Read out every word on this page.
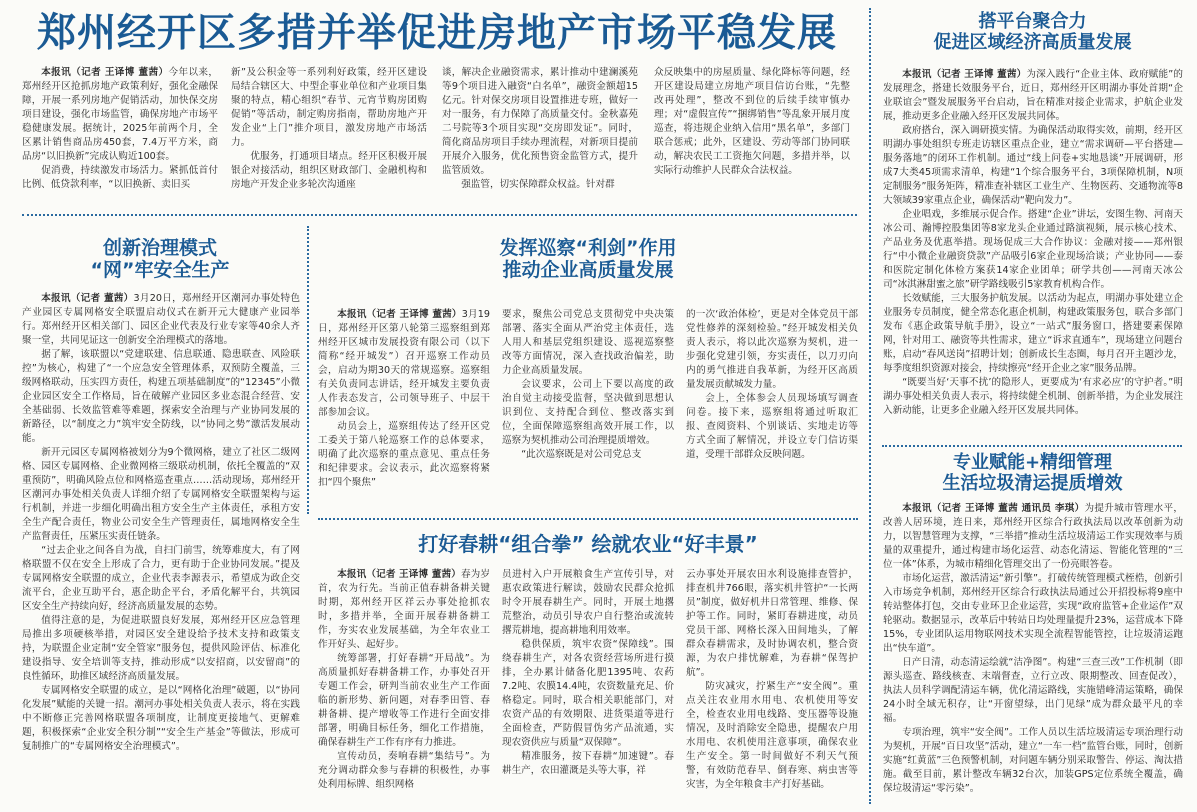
郑州经开区多措并举促进房地产市场平稳发展

本报讯（记者 王译博 董茜）今年以来，郑州经开区抢抓房地产政策利好，强化金融保障，开展一系列房地产促销活动，加快保交房项目建设，强化市场监管，确保房地产市场平稳健康发展。据统计，2025年前两个月，全区累计销售商品房450套，7.4万平方米，商品房“以旧换新”完成认购近100套。

促消费，持续激发市场活力。紧抓低首付比例、低贷款利率，“以旧换新、卖旧买

新”及公积金等一系列利好政策，经开区建设局结合辖区大、中型企事业单位和产业项目集聚的特点，精心组织“春节、元宵节购房团购促销”等活动，制定购房指南，帮助房地产开发企业“上门”推介项目，激发房地产市场活力。

优服务，打通项目堵点。经开区积极开展银企对接活动，组织区财政部门、金融机构和房地产开发企业多轮次沟通座

谈，解决企业融资需求，累计推动中建澜溪苑等9个项目进入融资“白名单”，融资金额超15亿元。针对保交房项目设置推进专班，做好一对一服务，有力保障了高质量交付。金秋嘉苑二号院等3个项目实现“交房即发证”。同时，简化商品房项目手续办理流程，对新项目提前开展介入服务，优化预售资金监管方式，提升监管质效。

强监管，切实保障群众权益。针对群

众反映集中的房屋质量、绿化降标等问题，经开区建设局建立房地产项目信访台账，“先整改再处理”，整改不到位的后续手续审慎办理；对“虚假宣传”“捆绑销售”等乱象开展月度巡查，将违规企业纳入信用“黑名单”，多部门联合惩戒；此外，区建设、劳动等部门协同联动，解决农民工工资拖欠问题，多措并举，以实际行动维护人民群众合法权益。

搭平台聚合力
促进区域经济高质量发展

本报讯（记者 王译博 董茜）为深入践行“企业主体、政府赋能”的发展理念，搭建长效服务平台，近日，郑州经开区明湖办事处首期“企业联谊会”暨发展服务平台启动，旨在精准对接企业需求，护航企业发展，推动更多企业融入经开区发展共同体。

政府搭台，深入调研摸实情。为确保活动取得实效，前期，经开区明湖办事处组织专班走访辖区重点企业，建立“需求调研—平台搭建—服务落地”的闭环工作机制。通过“线上问卷+实地恳谈”开展调研，形成7大类45项需求清单，构建“1个综合服务平台，3项保障机制，N项定制服务”服务矩阵，精准查补辖区工业生产、生物医药、交通物流等8大领域39家重点企业，确保活动“靶向发力”。

企业唱戏，多维展示促合作。搭建“企业”讲坛，安图生物、河南天冰公司、瀚博控股集团等8家龙头企业通过路演视频，展示核心技术、产品业务及优惠举措。现场促成三大合作协议：金融对接——郑州银行“中小微企业融资贷款”产品吸引6家企业现场洽谈；产业协同——泰和医院定制化体检方案获14家企业团单；研学共创——河南天冰公司“冰淇淋甜蜜之旅”研学路线吸引5家教育机构合作。

长效赋能，三大服务护航发展。以活动为起点，明湖办事处建立企业服务专员制度，健全常态化惠企机制，构建政策服务包，联合多部门发布《惠企政策导航手册》，设立“一站式”服务窗口，搭建要素保障网，针对用工、融资等共性需求，建立“诉求直通车”，现场建立问题台账，启动“春风送岗”招聘计划；创新成长生态圈，每月召开主题沙龙，每季度组织资源对接会，持续擦亮“经开企业之家”服务品牌。

“既要当好‘天事不扰’的隐形人，更要成为‘有求必应’的守护者。”明湖办事处相关负责人表示，将持续健全机制、创新举措，为企业发展注入新动能，让更多企业融入经开区发展共同体。

创新治理模式
“网”牢安全生产

本报讯（记者 董茜）3月20日，郑州经开区潮河办事处特色产业园区专属网格安全联盟启动仪式在新开元大健康产业园举行。郑州经开区相关部门、园区企业代表及行业专家等40余人齐聚一堂，共同见证这一创新安全治理模式的落地。

据了解，该联盟以“党建联建、信息联通、隐患联查、风险联控”为核心，构建了“一个应急安全管理体系，双预防全覆盖，三级网格联动，压实四方责任，构建五项基础制度”的“12345”小微企业园区安全工作格局，旨在破解产业园区多业态混合经营、安全基础弱、长效监管难等难题，探索安全治理与产业协同发展的新路径，以“制度之力”筑牢安全防线，以“协同之势”激活发展动能。

新开元园区专属网格被划分为9个微网格，建立了社区二级网格、园区专属网格、企业微网格三级联动机制，依托全覆盖的“双重预防”，明确风险点位和网格巡查重点……活动现场，郑州经开区潮河办事处相关负责人详细介绍了专属网格安全联盟架构与运行机制，并进一步细化明确出租方安全生产主体责任，承租方安全生产配合责任，物业公司安全生产管理责任，属地网格安全生产监督责任，压紧压实责任链条。

“过去企业之间各自为战，自扫门前雪，统筹难度大，有了网格联盟不仅在安全上形成了合力，更有助于企业协同发展。”提及专属网格安全联盟的成立，企业代表李源表示，希望成为政企交流平台，企业互助平台，惠企助企平台，矛盾化解平台，共筑园区安全生产持续向好，经济高质量发展的态势。

值得注意的是，为促进联盟良好发展，郑州经开区应急管理局推出多项硬核举措，对园区安全建设给予技术支持和政策支持，为联盟企业定制“安全管家”服务包，提供风险评估、标准化建设指导、安全培训等支持，推动形成“以安招商，以安留商”的良性循环，助推区域经济高质量发展。

专属网格安全联盟的成立，是以“网格化治理”破题，以“协同化发展”赋能的关键一招。潮河办事处相关负责人表示，将在实践中不断修正完善网格联盟各项制度，让制度更接地气、更解难题，积极探索“企业安全积分制”“安全生产基金”等做法，形成可复制推广的“专属网格安全治理模式”。

发挥巡察“利剑”作用
推动企业高质量发展

本报讯（记者 王译博 董茜）3月19日，郑州经开区第八轮第三巡察组到郑州经开区城市发展投资有限公司（以下简称“经开城发”）召开巡察工作动员会，启动为期30天的常规巡察。巡察组有关负责同志讲话，经开城发主要负责人作表态发言，公司领导班子、中层干部参加会议。

动员会上，巡察组传达了经开区党工委关于第八轮巡察工作的总体要求，明确了此次巡察的重点意见、重点任务和纪律要求。会议表示，此次巡察将紧扣“四个聚焦”

要求，聚焦公司党总支贯彻党中央决策部署、落实全面从严治党主体责任，选人用人和基层党组织建设、巡视巡察整改等方面情况，深入查找政治偏差，助力企业高质量发展。

会议要求，公司上下要以高度的政治自觉主动接受监督，坚决做到思想认识到位、支持配合到位、整改落实到位，全面保障巡察组高效开展工作，以巡察为契机推动公司治理提质增效。

“此次巡察既是对公司党总支

的一次‘政治体检’，更是对全体党员干部党性修养的深刻检验。”经开城发相关负责人表示，将以此次巡察为契机，进一步强化党建引领，夯实责任，以刀刃向内的勇气推进自我革新，为经开区高质量发展贡献城发力量。

会上，全体参会人员现场填写调查问卷。接下来，巡察组将通过听取汇报、查阅资料、个别谈话、实地走访等方式全面了解情况，并设立专门信访渠道，受理干部群众反映问题。

打好春耕“组合拳” 绘就农业“好丰景”

本报讯（记者 王译博 董茜）春为岁首，农为行先。当前正值春耕备耕关键时期，郑州经开区祥云办事处抢抓农时，多措并举，全面开展春耕备耕工作，夯实农业发展基础，为全年农业工作开好头、起好步。

统筹部署，打好春耕“开局战”。为高质量抓好春耕备耕工作，办事处召开专题工作会，研判当前农业生产工作面临的新形势、新问题，对春季田管、春耕备耕、提产增收等工作进行全面安排部署，明确目标任务，细化工作措施，确保春耕生产工作有序有力推进。

宣传动员，奏响春耕“集结号”。为充分调动群众参与春耕的积极性，办事处利用标牌、组织网格

员进村入户开展粮食生产宣传引导，对惠农政策进行解读，鼓励农民群众抢抓时令开展春耕生产。同时，开展土地撂荒整治，动员引导农户自行整治或流转撂荒耕地，提高耕地利用效率。

稳供保质，筑牢农资“保障线”。围绕春耕生产，对各农资经营场所进行摸排，全办累计储备化肥1395吨、农药7.2吨、农膜14.4吨，农资数量充足、价格稳定。同时，联合相关职能部门，对农资产品的有效期限、进货渠道等进行全面检查，严防假冒伪劣产品流通，实现农资供应与质量“双保障”。

精准服务，按下春耕“加速键”。春耕生产，农田灌溉是头等大事，祥

云办事处开展农田水利设施排查管护，排查机井766眼，落实机井管护“一长两员”制度，做好机井日常管理、维修、保护等工作。同时，紧盯春耕进度，动员党员干部、网格长深入田间地头，了解群众春耕需求，及时协调农机，整合资源，为农户排忧解难，为春耕“保驾护航”。

防灾减灾，拧紧生产“安全阀”。重点关注农业用水用电、农机使用等安全，检查农业用电线路、变压器等设施情况，及时消除安全隐患，提醒农户用水用电、农机使用注意事项，确保农业生产安全。第一时间做好不利天气预警，有效防范春旱、倒春寒、病虫害等灾害，为全年粮食丰产打好基础。

专业赋能+精细管理
生活垃圾清运提质增效

本报讯（记者 王译博 董茜 通讯员 李琪）为提升城市管理水平，改善人居环境，连日来，郑州经开区综合行政执法局以改革创新为动力，以智慧管理为支撑，“三举措”推动生活垃圾清运工作实现效率与质量的双重提升，通过构建市场化运营、动态化清运、智能化管理的“三位一体”体系，为城市精细化管理交出了一份亮眼答卷。

市场化运营，激活清运“新引擎”。打破传统管理模式桎梏，创新引入市场竞争机制，郑州经开区综合行政执法局通过公开招投标将9座中转站整体打包，交由专业环卫企业运营，实现“政府监管+企业运作”双轮驱动。数据显示，改革后中转站日均处理量提升23%，运营成本下降15%，专业团队运用物联网技术实现全流程智能管控，让垃圾清运跑出“快车道”。

日产日清，动态清运绘就“洁净图”。构建“三查三改”工作机制（即源头巡查、路线核查、末端督查，立行立改、限期整改、回查促改），执法人员科学调配清运车辆，优化清运路线，实施错峰清运策略，确保24小时全域无积存，让“开窗望绿，出门见绿”成为群众最平凡的幸福。

专项治理，筑牢“安全阀”。工作人员以生活垃圾清运专项治理行动为契机，开展“百日攻坚”活动，建立“一车一档”监管台账，同时，创新实施“红黄蓝”三色预警机制，对问题车辆分别采取警告、停运、淘汰措施。截至目前，累计整改车辆32台次，加装GPS定位系统全覆盖，确保垃圾清运“零污染”。
